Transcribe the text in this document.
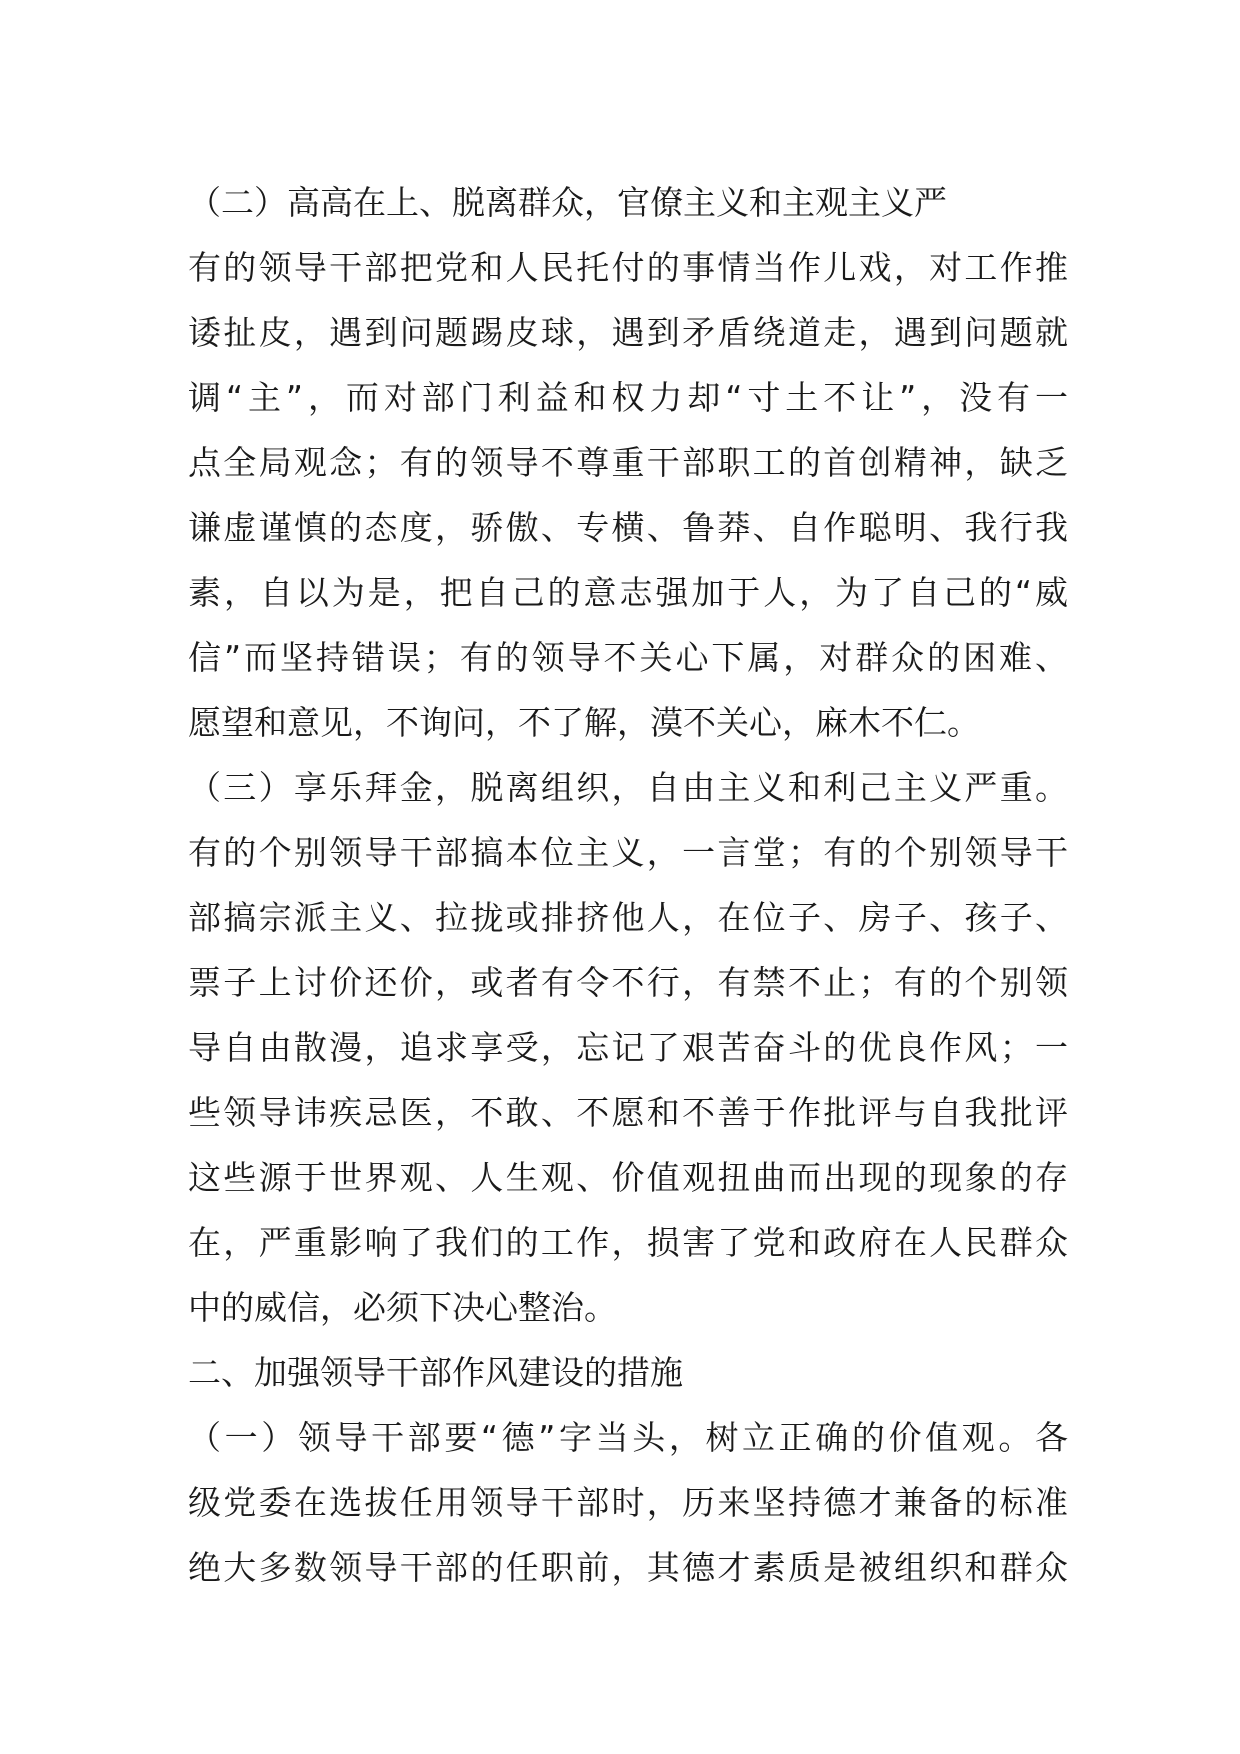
（二）高高在上、脱离群众，官僚主义和主观主义严
有的领导干部把党和人民托付的事情当作儿戏，对工作推
诿扯皮，遇到问题踢皮球，遇到矛盾绕道走，遇到问题就
调“主”，而对部门利益和权力却“寸土不让”，没有一
点全局观念；有的领导不尊重干部职工的首创精神，缺乏
谦虚谨慎的态度，骄傲、专横、鲁莽、自作聪明、我行我
素，自以为是，把自己的意志强加于人，为了自己的“威
信”而坚持错误；有的领导不关心下属，对群众的困难、
愿望和意见，不询问，不了解，漠不关心，麻木不仁。
（三）享乐拜金，脱离组织，自由主义和利己主义严重。
有的个别领导干部搞本位主义，一言堂；有的个别领导干
部搞宗派主义、拉拢或排挤他人，在位子、房子、孩子、
票子上讨价还价，或者有令不行，有禁不止；有的个别领
导自由散漫，追求享受，忘记了艰苦奋斗的优良作风；一
些领导讳疾忌医，不敢、不愿和不善于作批评与自我批评
这些源于世界观、人生观、价值观扭曲而出现的现象的存
在，严重影响了我们的工作，损害了党和政府在人民群众
中的威信，必须下决心整治。
二、加强领导干部作风建设的措施
（一）领导干部要“德”字当头，树立正确的价值观。各
级党委在选拔任用领导干部时，历来坚持德才兼备的标准
绝大多数领导干部的任职前，其德才素质是被组织和群众
